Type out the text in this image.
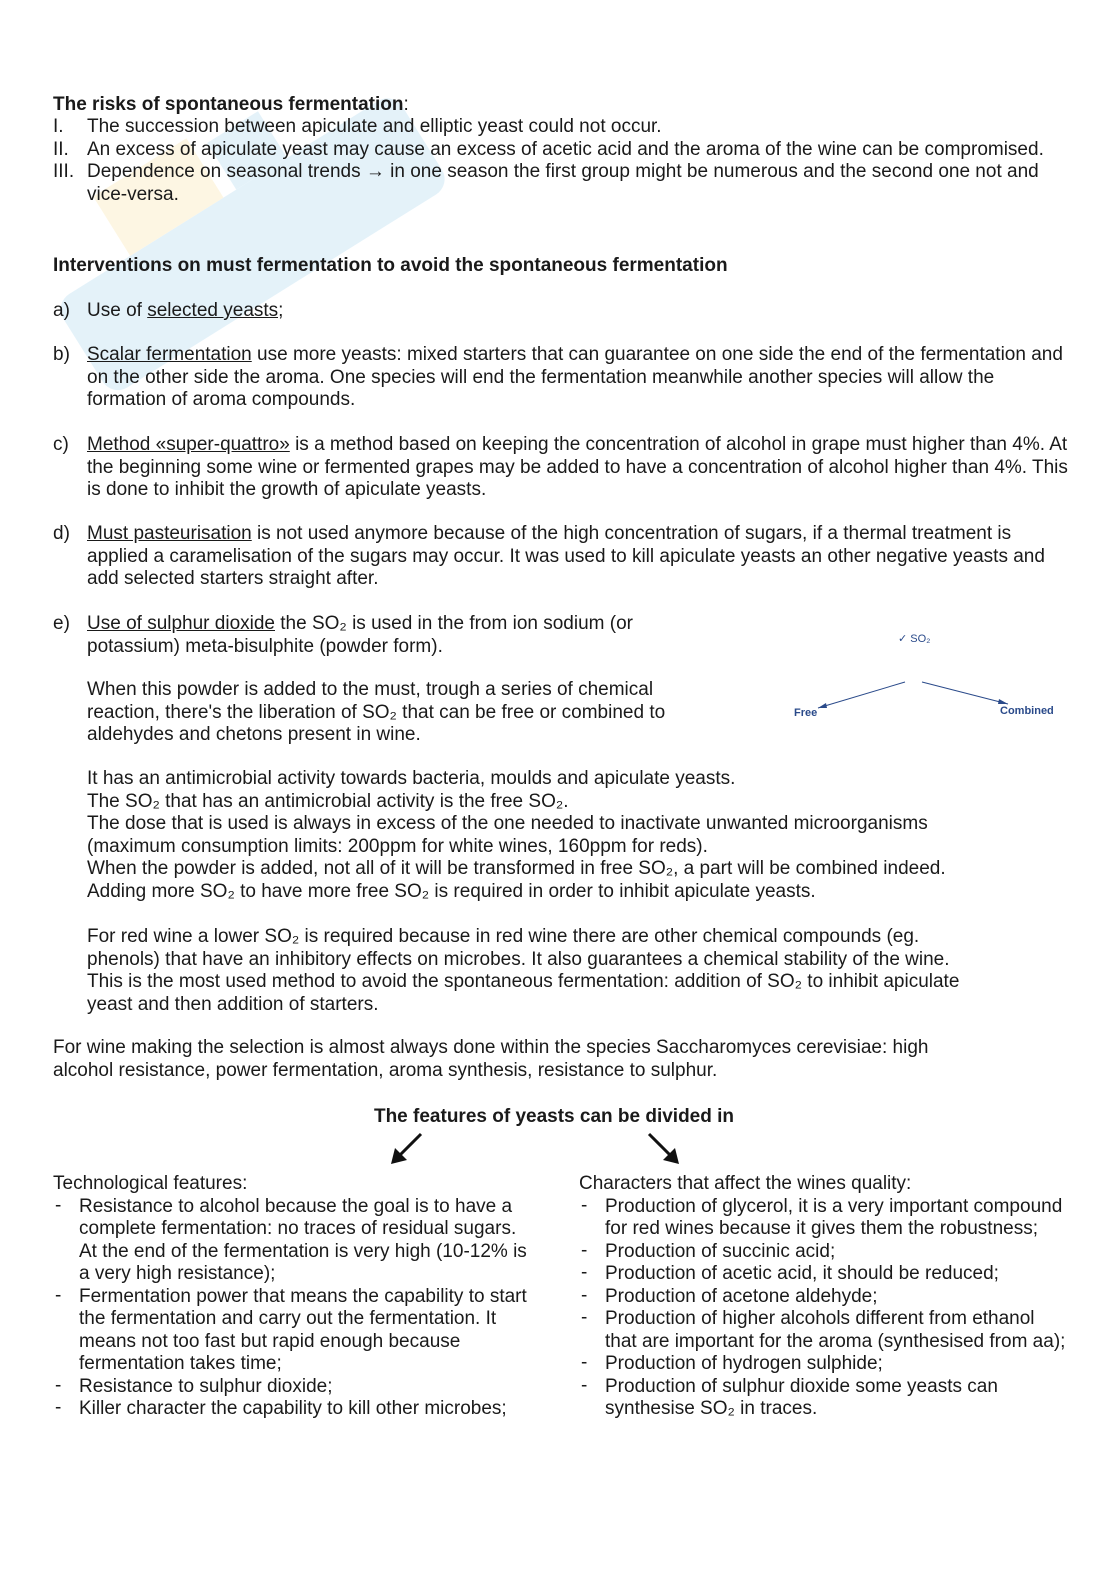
The risks of spontaneous fermentation:
I. The succession between apiculate and elliptic yeast could not occur.
II. An excess of apiculate yeast may cause an excess of acetic acid and the aroma of the wine can be compromised.
III. Dependence on seasonal trends → in one season the first group might be numerous and the second one not and vice-versa.
Interventions on must fermentation to avoid the spontaneous fermentation
a) Use of selected yeasts;
b) Scalar fermentation use more yeasts: mixed starters that can guarantee on one side the end of the fermentation and on the other side the aroma. One species will end the fermentation meanwhile another species will allow the formation of aroma compounds.
c) Method «super-quattro» is a method based on keeping the concentration of alcohol in grape must higher than 4%. At the beginning some wine or fermented grapes may be added to have a concentration of alcohol higher than 4%. This is done to inhibit the growth of apiculate yeasts.
d) Must pasteurisation is not used anymore because of the high concentration of sugars, if a thermal treatment is applied a caramelisation of the sugars may occur. It was used to kill apiculate yeasts an other negative yeasts and add selected starters straight after.
e) Use of sulphur dioxide the SO₂ is used in the from ion sodium (or
potassium) meta-bisulphite (powder form).
When this powder is added to the must, trough a series of chemical
reaction, there's the liberation of SO₂ that can be free or combined to
aldehydes and chetons present in wine.
✓ SO₂
Free	Combined
It has an antimicrobial activity towards bacteria, moulds and apiculate yeasts.
The SO₂ that has an antimicrobial activity is the free SO₂.
The dose that is used is always in excess of the one needed to inactivate unwanted microorganisms
(maximum consumption limits: 200ppm for white wines, 160ppm for reds).
When the powder is added, not all of it will be transformed in free SO₂, a part will be combined indeed.
Adding more SO₂ to have more free SO₂ is required in order to inhibit apiculate yeasts.
For red wine a lower SO₂ is required because in red wine there are other chemical compounds (eg.
phenols) that have an inhibitory effects on microbes. It also guarantees a chemical stability of the wine.
This is the most used method to avoid the spontaneous fermentation: addition of SO₂ to inhibit apiculate
yeast and then addition of starters.
For wine making the selection is almost always done within the species Saccharomyces cerevisiae: high
alcohol resistance, power fermentation, aroma synthesis, resistance to sulphur.
The features of yeasts can be divided in
Technological features:
- Resistance to alcohol because the goal is to have a complete fermentation: no traces of residual sugars. At the end of the fermentation is very high (10-12% is a very high resistance);
- Fermentation power that means the capability to start the fermentation and carry out the fermentation. It means not too fast but rapid enough because fermentation takes time;
- Resistance to sulphur dioxide;
- Killer character the capability to kill other microbes;
Characters that affect the wines quality:
- Production of glycerol, it is a very important compound for red wines because it gives them the robustness;
- Production of succinic acid;
- Production of acetic acid, it should be reduced;
- Production of acetone aldehyde;
- Production of higher alcohols different from ethanol that are important for the aroma (synthesised from aa);
- Production of hydrogen sulphide;
- Production of sulphur dioxide some yeasts can synthesise SO₂ in traces.
